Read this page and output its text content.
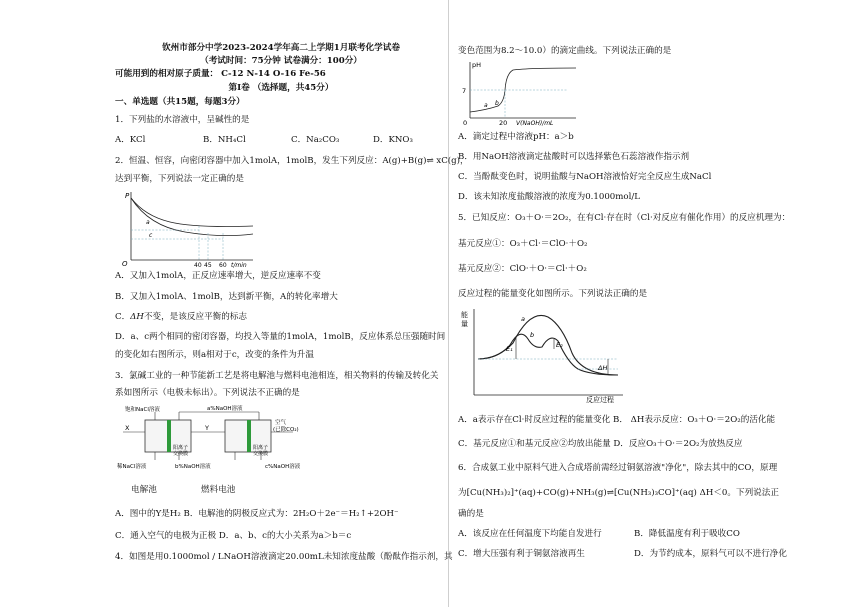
钦州市部分中学2023-2024学年高二上学期1月联考化学试卷
（考试时间：75分钟 试卷满分：100分）
可能用到的相对原子质量： C-12 N-14 O-16 Fe-56
第Ⅰ卷 （选择题，共45分）
一、单选题（共15题，每题3分）
1．下列盐的水溶液中，呈碱性的是
A．KCl	B．NH₄Cl	C．Na₂CO₃	D．KNO₃
2．恒温、恒容，向密闭容器中加入1molA，1molB，发生下列反应：A(g)+B(g)⇌ xC(g)，
达到平衡，下列说法一定正确的是
P
O
a
c
40 45 60 t/min
A．又加入1molA，正反应速率增大，逆反应速率不变
B．又加入1molA、1molB，达到新平衡，A的转化率增大
C．ΔH不变，是该反应平衡的标志
D．a、c两个相同的密闭容器，均投入等量的1molA，1molB，反应体系总压强随时间
的变化如右图所示，则a相对于c，改变的条件为升温
3．氯碱工业的一种节能新工艺是将电解池与燃料电池相连，相关物料的传输及转化关
系如图所示（电极未标出）。下列说法不正确的是
饱和NaCl溶液	a%NaOH溶液
空气
(已除CO₂)
X	Y
阳离子
交换膜
阳离子
交换膜
稀NaCl溶液	b%NaOH溶液	c%NaOH溶液
电解池	燃料电池
A．图中的Y是H₂ B．电解池的阴极反应式为：2H₂O＋2e⁻＝H₂↑+2OH⁻
C．通入空气的电极为正极 D．a、b、c的大小关系为a＞b＝c
4．如图是用0.1000mol / LNaOH溶液滴定20.00mL未知浓度盐酸（酚酞作指示剂，其
变色范围为8.2～10.0）的滴定曲线。下列说法正确的是
pH
7
0	20 V(NaOH)/mL
a b
A．滴定过程中溶液pH：a＞b
B．用NaOH溶液滴定盐酸时可以选择紫色石蕊溶液作指示剂
C．当酚酞变色时，说明盐酸与NaOH溶液恰好完全反应生成NaCl
D．该未知浓度盐酸溶液的浓度为0.1000mol/L
5．已知反应：O₃＋O·＝2O₂，在有Cl·存在时（Cl·对反应有催化作用）的反应机理为：
基元反应①：O₃＋Cl·＝ClO·＋O₂
基元反应②：ClO·＋O·＝Cl·＋O₂
反应过程的能量变化如图所示。下列说法正确的是
能
量
a
b
E₁	E₂
ΔH
反应过程
A．a表示存在Cl·时反应过程的能量变化 B． ΔH表示反应：O₃＋O·＝2O₂的活化能
C．基元反应①和基元反应②均放出能量 D．反应O₃＋O·＝2O₂为放热反应
6．合成氨工业中原料气进入合成塔前需经过铜氨溶液"净化"，除去其中的CO，原理
为[Cu(NH₃)₂]⁺(aq)+CO(g)+NH₃(g)⇌[Cu(NH₃)₃CO]⁺(aq) ΔH＜0。下列说法正
确的是
A．该反应在任何温度下均能自发进行	B．降低温度有利于吸收CO
C．增大压强有利于铜氨溶液再生	D．为节约成本，原料气可以不进行净化
